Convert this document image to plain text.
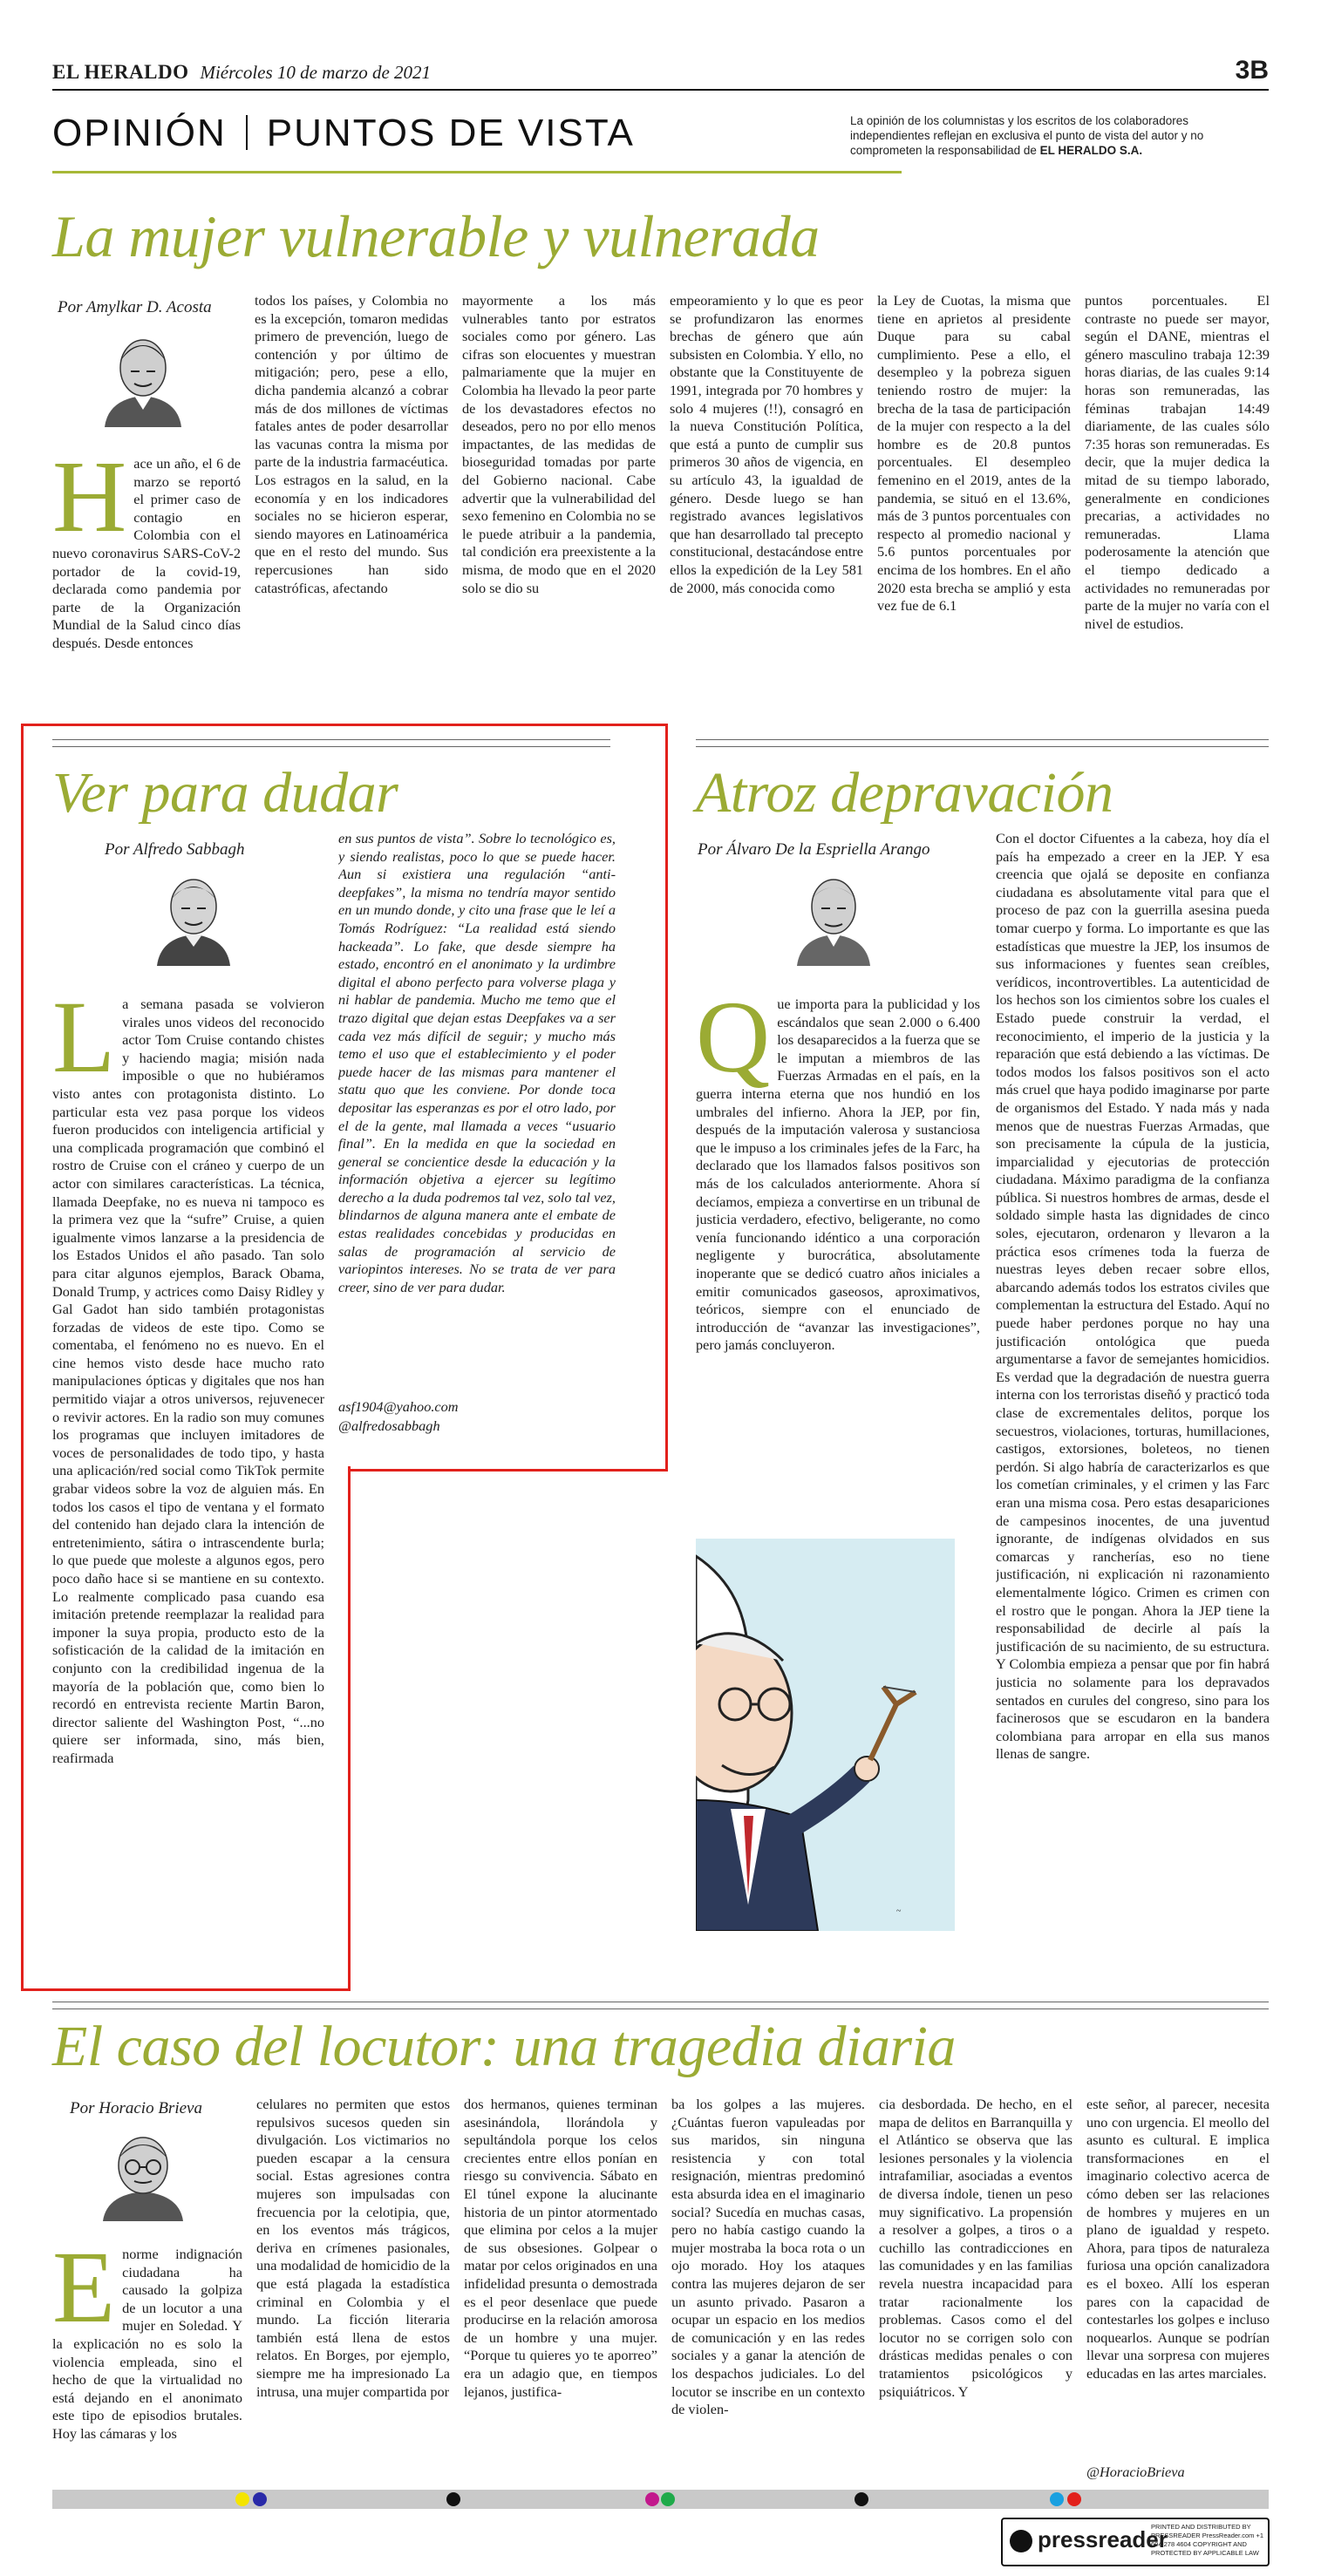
EL HERALDO Miércoles 10 de marzo de 2021	3B
OPINIÓN PUNTOS DE VISTA	La opinión de los columnistas y los escritos de los colaboradores independientes reflejan en exclusiva el punto de vista del autor y no comprometen la responsabilidad de EL HERALDO S.A.
La mujer vulnerable y vulnerada
Por Amylkar D. Acosta
Hace un año, el 6 de marzo se reportó el primer caso de contagio en Colombia con el nuevo coronavirus SARS-CoV-2 portador de la covid-19, declarada como pandemia por parte de la Organización Mundial de la Salud cinco días después. Desde entonces
todos los países, y Colombia no es la excepción, tomaron medidas primero de prevención, luego de contención y por último de mitigación; pero, pese a ello, dicha pandemia alcanzó a cobrar más de dos millones de víctimas fatales antes de poder desarrollar las vacunas contra la misma por parte de la industria farmacéutica. Los estragos en la salud, en la economía y en los indicadores sociales no se hicieron esperar, siendo mayores en Latinoamérica que en el resto del mundo. Sus repercusiones han sido catastróficas, afectando
mayormente a los más vulnerables tanto por estratos sociales como por género. Las cifras son elocuentes y muestran palmariamente que la mujer en Colombia ha llevado la peor parte de los devastadores efectos no deseados, pero no por ello menos impactantes, de las medidas de bioseguridad tomadas por parte del Gobierno nacional. Cabe advertir que la vulnerabilidad del sexo femenino en Colombia no se le puede atribuir a la pandemia, tal condición era preexistente a la misma, de modo que en el 2020 solo se dio su
empeoramiento y lo que es peor se profundizaron las enormes brechas de género que aún subsisten en Colombia. Y ello, no obstante que la Constituyente de 1991, integrada por 70 hombres y solo 4 mujeres (!!), consagró en la nueva Constitución Política, que está a punto de cumplir sus primeros 30 años de vigencia, en su artículo 43, la igualdad de género. Desde luego se han registrado avances legislativos que han desarrollado tal precepto constitucional, destacándose entre ellos la expedición de la Ley 581 de 2000, más conocida como
la Ley de Cuotas, la misma que tiene en aprietos al presidente Duque para su cabal cumplimiento. Pese a ello, el desempleo y la pobreza siguen teniendo rostro de mujer: la brecha de la tasa de participación de la mujer con respecto a la del hombre es de 20.8 puntos porcentuales. El desempleo femenino en el 2019, antes de la pandemia, se situó en el 13.6%, más de 3 puntos porcentuales con respecto al promedio nacional y 5.6 puntos porcentuales por encima de los hombres. En el año 2020 esta brecha se amplió y esta vez fue de 6.1
puntos porcentuales. El contraste no puede ser mayor, según el DANE, mientras el género masculino trabaja 12:39 horas diarias, de las cuales 9:14 horas son remuneradas, las féminas trabajan 14:49 diariamente, de las cuales sólo 7:35 horas son remuneradas. Es decir, que la mujer dedica la mitad de su tiempo laborado, generalmente en condiciones precarias, a actividades no remuneradas. Llama poderosamente la atención que el tiempo dedicado a actividades no remuneradas por parte de la mujer no varía con el nivel de estudios.
Ver para dudar
Por Alfredo Sabbagh
La semana pasada se volvieron virales unos videos del reconocido actor Tom Cruise contando chistes y haciendo magia; misión nada imposible o que no hubiéramos visto antes con protagonista distinto. Lo particular esta vez pasa porque los videos fueron producidos con inteligencia artificial y una complicada programación que combinó el rostro de Cruise con el cráneo y cuerpo de un actor con similares características. La técnica, llamada Deepfake, no es nueva ni tampoco es la primera vez que la “sufre” Cruise, a quien igualmente vimos lanzarse a la presidencia de los Estados Unidos el año pasado. Tan solo para citar algunos ejemplos, Barack Obama, Donald Trump, y actrices como Daisy Ridley y Gal Gadot han sido también protagonistas forzadas de videos de este tipo. Como se comentaba, el fenómeno no es nuevo. En el cine hemos visto desde hace mucho rato manipulaciones ópticas y digitales que nos han permitido viajar a otros universos, rejuvenecer o revivir actores. En la radio son muy comunes los programas que incluyen imitadores de voces de personalidades de todo tipo, y hasta una aplicación/red social como TikTok permite grabar videos sobre la voz de alguien más. En todos los casos el tipo de ventana y el formato del contenido han dejado clara la intención de entretenimiento, sátira o intrascendente burla; lo que puede que moleste a algunos egos, pero poco daño hace si se mantiene en su contexto. Lo realmente complicado pasa cuando esa imitación pretende reemplazar la realidad para imponer la suya propia, producto esto de la sofisticación de la calidad de la imitación en conjunto con la credibilidad ingenua de la mayoría de la población que, como bien lo recordó en entrevista reciente Martin Baron, director saliente del Washington Post, “...no quiere ser informada, sino, más bien, reafirmada
en sus puntos de vista”. Sobre lo tecnológico es, y siendo realistas, poco lo que se puede hacer. Aun si existiera una regulación “anti-deepfakes”, la misma no tendría mayor sentido en un mundo donde, y cito una frase que le leí a Tomás Rodríguez: “La realidad está siendo hackeada”. Lo fake, que desde siempre ha estado, encontró en el anonimato y la urdimbre digital el abono perfecto para volverse plaga y ni hablar de pandemia. Mucho me temo que el trazo digital que dejan estas Deepfakes va a ser cada vez más difícil de seguir; y mucho más temo el uso que el establecimiento y el poder puede hacer de las mismas para mantener el statu quo que les conviene. Por donde toca depositar las esperanzas es por el otro lado, por el de la gente, mal llamada a veces “usuario final”. En la medida en que la sociedad en general se concientice desde la educación y la información objetiva a ejercer su legítimo derecho a la duda podremos tal vez, solo tal vez, blindarnos de alguna manera ante el embate de estas realidades concebidas y producidas en salas de programación al servicio de variopintos intereses. No se trata de ver para creer, sino de ver para dudar.
asf1904@yahoo.com
@alfredosabbagh
Atroz depravación
Por Álvaro De la Espriella Arango
Que importa para la publicidad y los escándalos que sean 2.000 o 6.400 los desaparecidos a la fuerza que se le imputan a miembros de las Fuerzas Armadas en el país, en la guerra interna eterna que nos hundió en los umbrales del infierno. Ahora la JEP, por fin, después de la imputación valerosa y sustanciosa que le impuso a los criminales jefes de la Farc, ha declarado que los llamados falsos positivos son más de los calculados anteriormente. Ahora sí decíamos, empieza a convertirse en un tribunal de justicia verdadero, efectivo, beligerante, no como venía funcionando idéntico a una corporación negligente y burocrática, absolutamente inoperante que se dedicó cuatro años iniciales a emitir comunicados gaseosos, aproximativos, teóricos, siempre con el enunciado de introducción de “avanzar las investigaciones”, pero jamás concluyeron.
Con el doctor Cifuentes a la cabeza, hoy día el país ha empezado a creer en la JEP. Y esa creencia que ojalá se deposite en confianza ciudadana es absolutamente vital para que el proceso de paz con la guerrilla asesina pueda tomar cuerpo y forma. Lo importante es que las estadísticas que muestre la JEP, los insumos de sus informaciones y fuentes sean creíbles, verídicos, incontrovertibles. La autenticidad de los hechos son los cimientos sobre los cuales el Estado puede construir la verdad, el reconocimiento, el imperio de la justicia y la reparación que está debiendo a las víctimas. De todos modos los falsos positivos son el acto más cruel que haya podido imaginarse por parte de organismos del Estado. Y nada más y nada menos que de nuestras Fuerzas Armadas, que son precisamente la cúpula de la justicia, imparcialidad y ejecutorias de protección ciudadana. Máximo paradigma de la confianza pública. Si nuestros hombres de armas, desde el soldado simple hasta las dignidades de cinco soles, ejecutaron, ordenaron y llevaron a la práctica esos crímenes toda la fuerza de nuestras leyes deben recaer sobre ellos, abarcando además todos los estratos civiles que complementan la estructura del Estado. Aquí no puede haber perdones porque no hay una justificación ontológica que pueda argumentarse a favor de semejantes homicidios. Es verdad que la degradación de nuestra guerra interna con los terroristas diseñó y practicó toda clase de excrementales delitos, porque los secuestros, violaciones, torturas, humillaciones, castigos, extorsiones, boleteos, no tienen perdón. Si algo habría de caracterizarlos es que los cometían criminales, y el crimen y las Farc eran una misma cosa. Pero estas desapariciones de campesinos inocentes, de una juventud ignorante, de indígenas olvidados en sus comarcas y rancherías, eso no tiene justificación, ni explicación ni razonamiento elementalmente lógico. Crimen es crimen con el rostro que le pongan. Ahora la JEP tiene la responsabilidad de decirle al país la justificación de su nacimiento, de su estructura. Y Colombia empieza a pensar que por fin habrá justicia no solamente para los depravados sentados en curules del congreso, sino para los facinerosos que se escudaron en la bandera colombiana para arropar en ella sus manos llenas de sangre.
~
El caso del locutor: una tragedia diaria
Por Horacio Brieva
Enorme indignación ciudadana ha causado la golpiza de un locutor a una mujer en Soledad. Y la explicación no es solo la violencia empleada, sino el hecho de que la virtualidad no está dejando en el anonimato este tipo de episodios brutales. Hoy las cámaras y los
celulares no permiten que estos repulsivos sucesos queden sin divulgación. Los victimarios no pueden escapar a la censura social. Estas agresiones contra mujeres son impulsadas con frecuencia por la celotipia, que, en los eventos más trágicos, deriva en crímenes pasionales, una modalidad de homicidio de la que está plagada la estadística criminal en Colombia y el mundo. La ficción literaria también está llena de estos relatos. En Borges, por ejemplo, siempre me ha impresionado La intrusa, una mujer compartida por
dos hermanos, quienes terminan asesinándola, llorándola y sepultándola porque los celos crecientes entre ellos ponían en riesgo su convivencia. Sábato en El túnel expone la alucinante historia de un pintor atormentado que elimina por celos a la mujer de sus obsesiones. Golpear o matar por celos originados en una infidelidad presunta o demostrada es el peor desenlace que puede producirse en la relación amorosa de un hombre y una mujer. “Porque tu quieres yo te aporreo” era un adagio que, en tiempos lejanos, justifica-
ba los golpes a las mujeres. ¿Cuántas fueron vapuleadas por sus maridos, sin ninguna resistencia y con total resignación, mientras predominó esta absurda idea en el imaginario social? Sucedía en muchas casas, pero no había castigo cuando la mujer mostraba la boca rota o un ojo morado. Hoy los ataques contra las mujeres dejaron de ser un asunto privado. Pasaron a ocupar un espacio en los medios de comunicación y en las redes sociales y a ganar la atención de los despachos judiciales. Lo del locutor se inscribe en un contexto de violen-
cia desbordada. De hecho, en el mapa de delitos en Barranquilla y el Atlántico se observa que las lesiones personales y la violencia intrafamiliar, asociadas a eventos de diversa índole, tienen un peso muy significativo. La propensión a resolver a golpes, a tiros o a cuchillo las contradicciones en las comunidades y en las familias revela nuestra incapacidad para tratar racionalmente los problemas. Casos como el del locutor no se corrigen solo con drásticas medidas penales o con tratamientos psicológicos y psiquiátricos. Y
este señor, al parecer, necesita uno con urgencia. El meollo del asunto es cultural. E implica transformaciones en el imaginario colectivo acerca de cómo deben ser las relaciones de hombres y mujeres en un plano de igualdad y respeto. Ahora, para tipos de naturaleza furiosa una opción canalizadora es el boxeo. Allí los esperan pares con la capacidad de contestarles los golpes e incluso noquearlos. Aunque se podrían llevar una sorpresa con mujeres educadas en las artes marciales.
@HoracioBrieva
pressreader
PRINTED AND DISTRIBUTED BY PRESSREADER PressReader.com +1 604 278 4604 COPYRIGHT AND PROTECTED BY APPLICABLE LAW
